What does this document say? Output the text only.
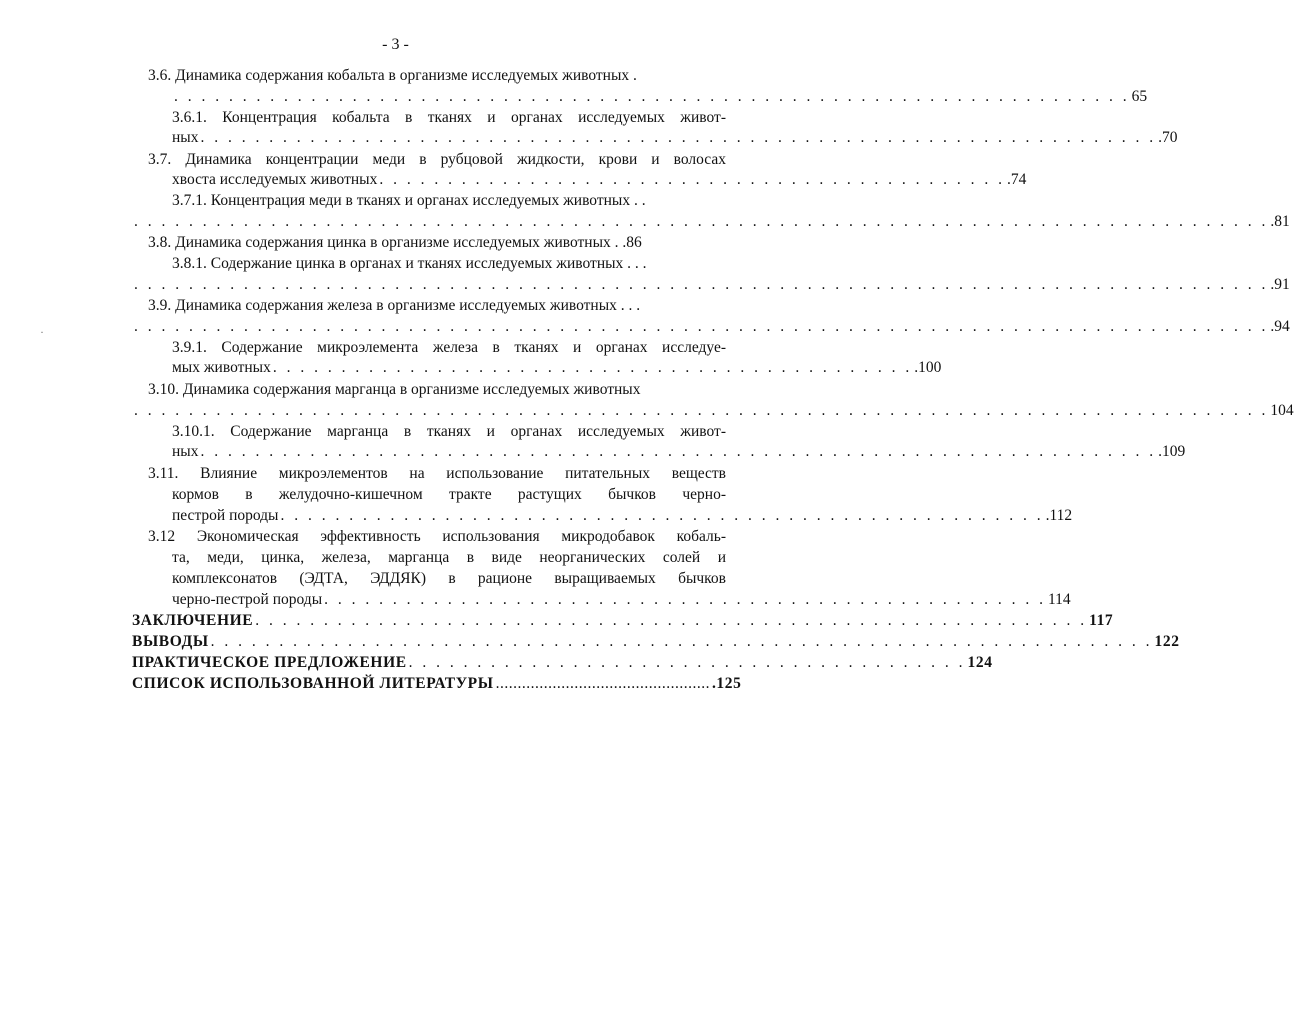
- 3 -
·
3.6. Динамика содержания кобальта в организме исследуемых животных .
. . . . . . . . . . . . . . . . . . . . . . . . . . . . . . . . . . . . . . . . . . . . . . . . . . . . . . . . . . . . . . . . . . . . . . 65
3.6.1. Концентрация кобальта в тканях и органах исследуемых живот-
ных . . . . . . . . . . . . . . . . . . . . . . . . . . . . . . . . . . . . . . . . . . . . . . . . . . . . . . . . . . . . . . . . . . . . . . .70
3.7. Динамика концентрации меди в рубцовой жидкости, крови и волосах
хвоста исследуемых животных . . . . . . . . . . . . . . . . . . . . . . . . . . . . . . . . . . . . . . . . . . . . . . .74
3.7.1. Концентрация меди в тканях и органах исследуемых животных . .
. . . . . . . . . . . . . . . . . . . . . . . . . . . . . . . . . . . . . . . . . . . . . . . . . . . . . . . . . . . . . . . . . . . . . . . . . . . . . . . . . . . .81
3.8. Динамика содержания цинка в организме исследуемых животных . .86
3.8.1. Содержание цинка в органах и тканях исследуемых животных . . .
. . . . . . . . . . . . . . . . . . . . . . . . . . . . . . . . . . . . . . . . . . . . . . . . . . . . . . . . . . . . . . . . . . . . . . . . . . . . . . . . . . . .91
3.9. Динамика содержания железа в организме исследуемых животных . . .
. . . . . . . . . . . . . . . . . . . . . . . . . . . . . . . . . . . . . . . . . . . . . . . . . . . . . . . . . . . . . . . . . . . . . . . . . . . . . . . . . . . .94
3.9.1. Содержание микроэлемента железа в тканях и органах исследуе-
мых животных . . . . . . . . . . . . . . . . . . . . . . . . . . . . . . . . . . . . . . . . . . . . . . . .100
3.10. Динамика содержания марганца в организме исследуемых животных
. . . . . . . . . . . . . . . . . . . . . . . . . . . . . . . . . . . . . . . . . . . . . . . . . . . . . . . . . . . . . . . . . . . . . . . . . . . . . . . . . . . 104
3.10.1. Содержание марганца в тканях и органах исследуемых живот-
ных . . . . . . . . . . . . . . . . . . . . . . . . . . . . . . . . . . . . . . . . . . . . . . . . . . . . . . . . . . . . . . . . . . . . . . .109
3.11. Влияние микроэлементов на использование питательных веществ
кормов в желудочно-кишечном тракте растущих бычков черно-
пестрой породы . . . . . . . . . . . . . . . . . . . . . . . . . . . . . . . . . . . . . . . . . . . . . . . . . . . . . . . . .112
3.12 Экономическая эффективность использования микродобавок кобаль-
та, меди, цинка, железа, марганца в виде неорганических солей и
комплексонатов (ЭДТА, ЭДДЯК) в рационе выращиваемых бычков
черно-пестрой породы . . . . . . . . . . . . . . . . . . . . . . . . . . . . . . . . . . . . . . . . . . . . . . . . . . . . . 114
ЗАКЛЮЧЕНИЕ . . . . . . . . . . . . . . . . . . . . . . . . . . . . . . . . . . . . . . . . . . . . . . . . . . . . . . . . . . . . . 117
ВЫВОДЫ . . . . . . . . . . . . . . . . . . . . . . . . . . . . . . . . . . . . . . . . . . . . . . . . . . . . . . . . . . . . . . . . . . . . . 122
ПРАКТИЧЕСКОЕ ПРЕДЛОЖЕНИЕ . . . . . . . . . . . . . . . . . . . . . . . . . . . . . . . . . . . . . . . . . 124
СПИСОК ИСПОЛЬЗОВАННОЙ ЛИТЕРАТУРЫ ................................................. .125
